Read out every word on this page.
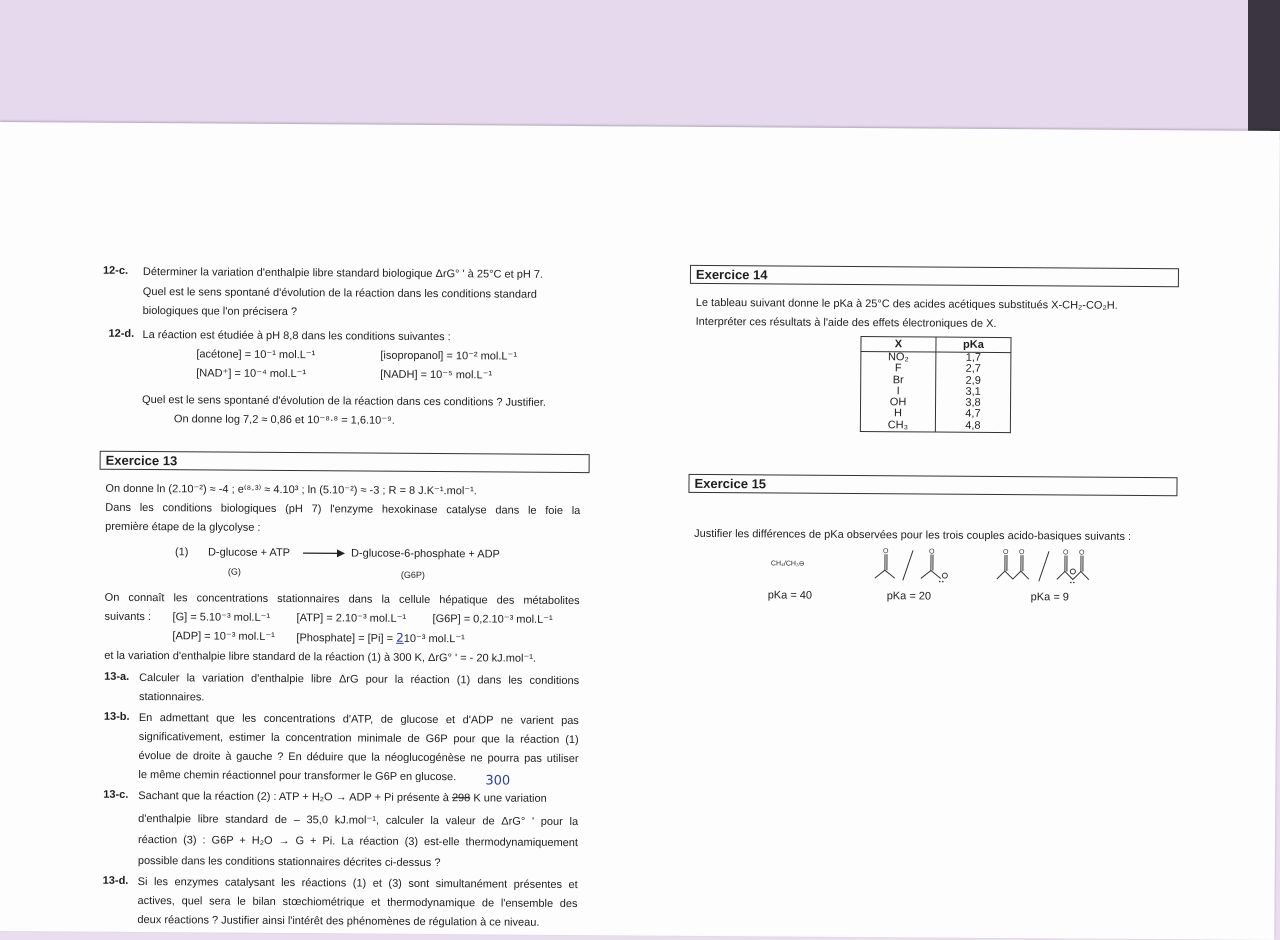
12-c. Déterminer la variation d'enthalpie libre standard biologique ΔrG° ' à 25°C et pH 7.
Quel est le sens spontané d'évolution de la réaction dans les conditions standard
biologiques que l'on précisera ?
12-d. La réaction est étudiée à pH 8,8 dans les conditions suivantes :
[acétone] = 10⁻¹ mol.L⁻¹	[isopropanol] = 10⁻² mol.L⁻¹
[NAD⁺] = 10⁻⁴ mol.L⁻¹	[NADH] = 10⁻⁵ mol.L⁻¹
Quel est le sens spontané d'évolution de la réaction dans ces conditions ? Justifier.
On donne log 7,2 ≈ 0,86 et 10⁻⁸·⁸ = 1,6.10⁻⁹.
Exercice 13
On donne ln (2.10⁻²) ≈ -4 ; e⁽⁸·³⁾ ≈ 4.10³ ; ln (5.10⁻²) ≈ -3 ; R = 8 J.K⁻¹.mol⁻¹.
Dans les conditions biologiques (pH 7) l'enzyme hexokinase catalyse dans le foie la
première étape de la glycolyse :
(1) D-glucose + ATP → D-glucose-6-phosphate + ADP
(G)	(G6P)
On connaît les concentrations stationnaires dans la cellule hépatique des métabolites
suivants : [G] = 5.10⁻³ mol.L⁻¹ [ATP] = 2.10⁻³ mol.L⁻¹ [G6P] = 0,2.10⁻³ mol.L⁻¹
[ADP] = 10⁻³ mol.L⁻¹ [Phosphate] = [Pi] = 210⁻³ mol.L⁻¹
et la variation d'enthalpie libre standard de la réaction (1) à 300 K, ΔrG° ' = - 20 kJ.mol⁻¹.
13-a. Calculer la variation d'enthalpie libre ΔrG pour la réaction (1) dans les conditions
stationnaires.
13-b. En admettant que les concentrations d'ATP, de glucose et d'ADP ne varient pas
significativement, estimer la concentration minimale de G6P pour que la réaction (1)
évolue de droite à gauche ? En déduire que la néoglucogénèse ne pourra pas utiliser
le même chemin réactionnel pour transformer le G6P en glucose. 300
13-c. Sachant que la réaction (2) : ATP + H₂O → ADP + Pi présente à 298 K une variation
d'enthalpie libre standard de – 35,0 kJ.mol⁻¹, calculer la valeur de ΔrG° ' pour la
réaction (3) : G6P + H₂O → G + Pi. La réaction (3) est-elle thermodynamiquement
possible dans les conditions stationnaires décrites ci-dessus ?
13-d. Si les enzymes catalysant les réactions (1) et (3) sont simultanément présentes et
actives, quel sera le bilan stœchiométrique et thermodynamique de l'ensemble des
deux réactions ? Justifier ainsi l'intérêt des phénomènes de régulation à ce niveau.
Exercice 14
Le tableau suivant donne le pKa à 25°C des acides acétiques substitués X-CH₂-CO₂H.
Interpréter ces résultats à l'aide des effets électroniques de X.
X	pKa
NO₂	1,7
F	2,7
Br	2,9
I	3,1
OH	3,8
H	4,7
CH₃	4,8
Exercice 15
Justifier les différences de pKa observées pour les trois couples acido-basiques suivants :
CH₄/CH₃⊖
O	O	O O	O O
pKa = 40	pKa = 20	pKa = 9
